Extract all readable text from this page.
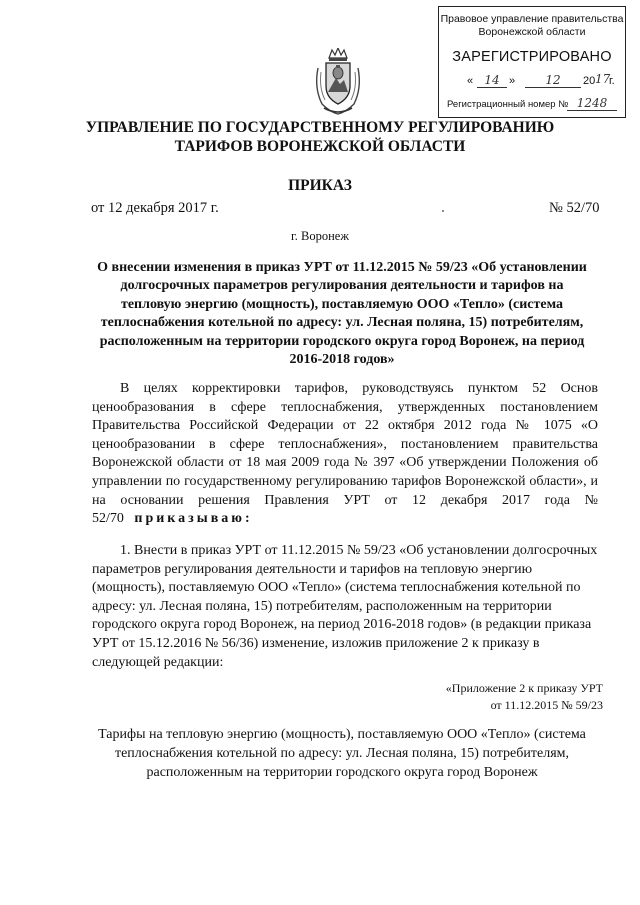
Правовое управление правительства
Воронежской области
ЗАРЕГИСТРИРОВАНО
« 14 »	12	20 17
г.
Регистрационный номер № 1248
УПРАВЛЕНИЕ ПО ГОСУДАРСТВЕННОМУ РЕГУЛИРОВАНИЮ
ТАРИФОВ ВОРОНЕЖСКОЙ ОБЛАСТИ
ПРИКАЗ
от 12 декабря 2017 г.	№ 52/70
г. Воронеж
О внесении изменения в приказ УРТ от 11.12.2015 № 59/23 «Об установлении долгосрочных параметров регулирования деятельности и тарифов на тепловую энергию (мощность), поставляемую ООО «Тепло» (система теплоснабжения котельной по адресу: ул. Лесная поляна, 15) потребителям, расположенным на территории городского округа город Воронеж, на период 2016-2018 годов»
В целях корректировки тарифов, руководствуясь пунктом 52 Основ ценообразования в сфере теплоснабжения, утвержденных постановлением Правительства Российской Федерации от 22 октября 2012 года № 1075 «О ценообразовании в сфере теплоснабжения», постановлением правительства Воронежской области от 18 мая 2009 года № 397 «Об утверждении Положения об управлении по государственному регулированию тарифов Воронежской области», и на основании решения Правления УРТ от 12 декабря 2017 года № 52/70 приказываю:
1. Внести в приказ УРТ от 11.12.2015 № 59/23 «Об установлении долгосрочных параметров регулирования деятельности и тарифов на тепловую энергию (мощность), поставляемую ООО «Тепло» (система теплоснабжения котельной по адресу: ул. Лесная поляна, 15) потребителям, расположенным на территории городского округа город Воронеж, на период 2016-2018 годов» (в редакции приказа УРТ от 15.12.2016 № 56/36) изменение, изложив приложение 2 к приказу в следующей редакции:
«Приложение 2 к приказу УРТ
от 11.12.2015 № 59/23
Тарифы на тепловую энергию (мощность), поставляемую ООО «Тепло» (система теплоснабжения котельной по адресу: ул. Лесная поляна, 15) потребителям, расположенным на территории городского округа город Воронеж
